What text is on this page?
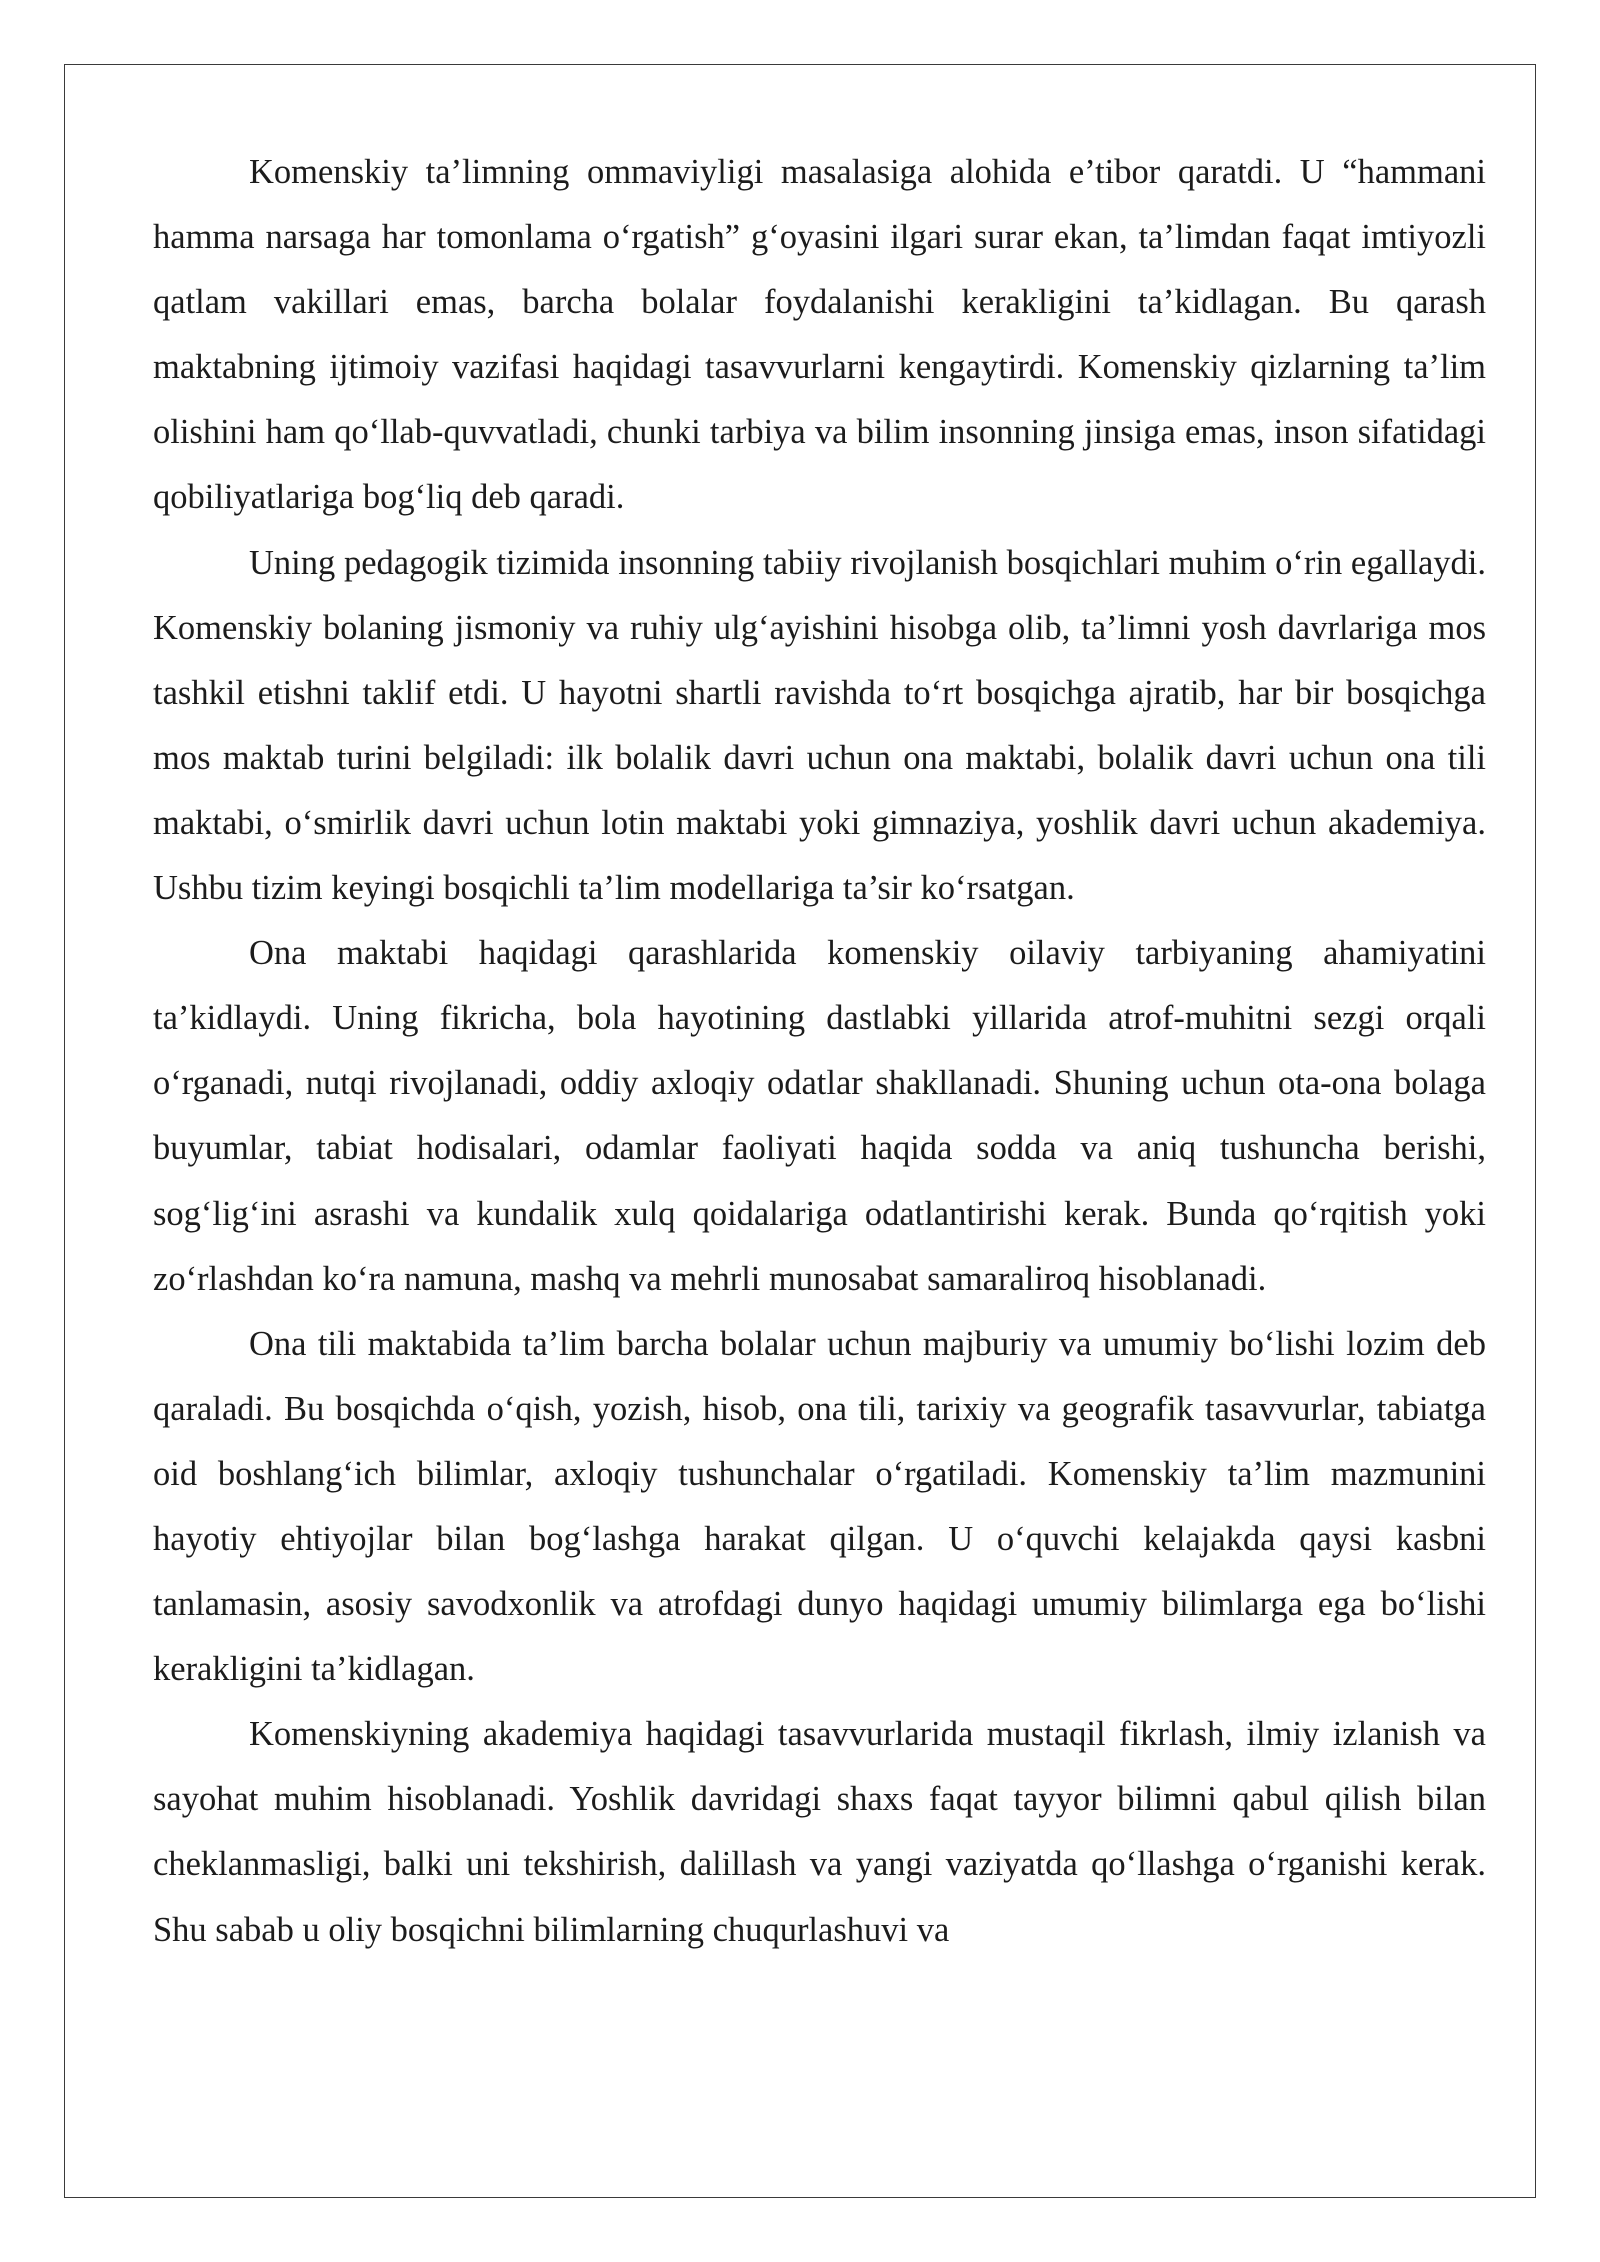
Komenskiy ta’limning ommaviyligi masalasiga alohida e’tibor qaratdi. U “hammani hamma narsaga har tomonlama o‘rgatish” g‘oyasini ilgari surar ekan, ta’limdan faqat imtiyozli qatlam vakillari emas, barcha bolalar foydalanishi kerakligini ta’kidlagan. Bu qarash maktabning ijtimoiy vazifasi haqidagi tasavvurlarni kengaytirdi. Komenskiy qizlarning ta’lim olishini ham qo‘llab-quvvatladi, chunki tarbiya va bilim insonning jinsiga emas, inson sifatidagi qobiliyatlariga bog‘liq deb qaradi.

Uning pedagogik tizimida insonning tabiiy rivojlanish bosqichlari muhim o‘rin egallaydi. Komenskiy bolaning jismoniy va ruhiy ulg‘ayishini hisobga olib, ta’limni yosh davrlariga mos tashkil etishni taklif etdi. U hayotni shartli ravishda to‘rt bosqichga ajratib, har bir bosqichga mos maktab turini belgiladi: ilk bolalik davri uchun ona maktabi, bolalik davri uchun ona tili maktabi, o‘smirlik davri uchun lotin maktabi yoki gimnaziya, yoshlik davri uchun akademiya. Ushbu tizim keyingi bosqichli ta’lim modellariga ta’sir ko‘rsatgan.

Ona maktabi haqidagi qarashlarida komenskiy oilaviy tarbiyaning ahamiyatini ta’kidlaydi. Uning fikricha, bola hayotining dastlabki yillarida atrof-muhitni sezgi orqali o‘rganadi, nutqi rivojlanadi, oddiy axloqiy odatlar shakllanadi. Shuning uchun ota-ona bolaga buyumlar, tabiat hodisalari, odamlar faoliyati haqida sodda va aniq tushuncha berishi, sog‘lig‘ini asrashi va kundalik xulq qoidalariga odatlantirishi kerak. Bunda qo‘rqitish yoki zo‘rlashdan ko‘ra namuna, mashq va mehrli munosabat samaraliroq hisoblanadi.

Ona tili maktabida ta’lim barcha bolalar uchun majburiy va umumiy bo‘lishi lozim deb qaraladi. Bu bosqichda o‘qish, yozish, hisob, ona tili, tarixiy va geografik tasavvurlar, tabiatga oid boshlang‘ich bilimlar, axloqiy tushunchalar o‘rgatiladi. Komenskiy ta’lim mazmunini hayotiy ehtiyojlar bilan bog‘lashga harakat qilgan. U o‘quvchi kelajakda qaysi kasbni tanlamasin, asosiy savodxonlik va atrofdagi dunyo haqidagi umumiy bilimlarga ega bo‘lishi kerakligini ta’kidlagan.

Komenskiyning akademiya haqidagi tasavvurlarida mustaqil fikrlash, ilmiy izlanish va sayohat muhim hisoblanadi. Yoshlik davridagi shaxs faqat tayyor bilimni qabul qilish bilan cheklanmasligi, balki uni tekshirish, dalillash va yangi vaziyatda qo‘llashga o‘rganishi kerak. Shu sabab u oliy bosqichni bilimlarning chuqurlashuvi va
